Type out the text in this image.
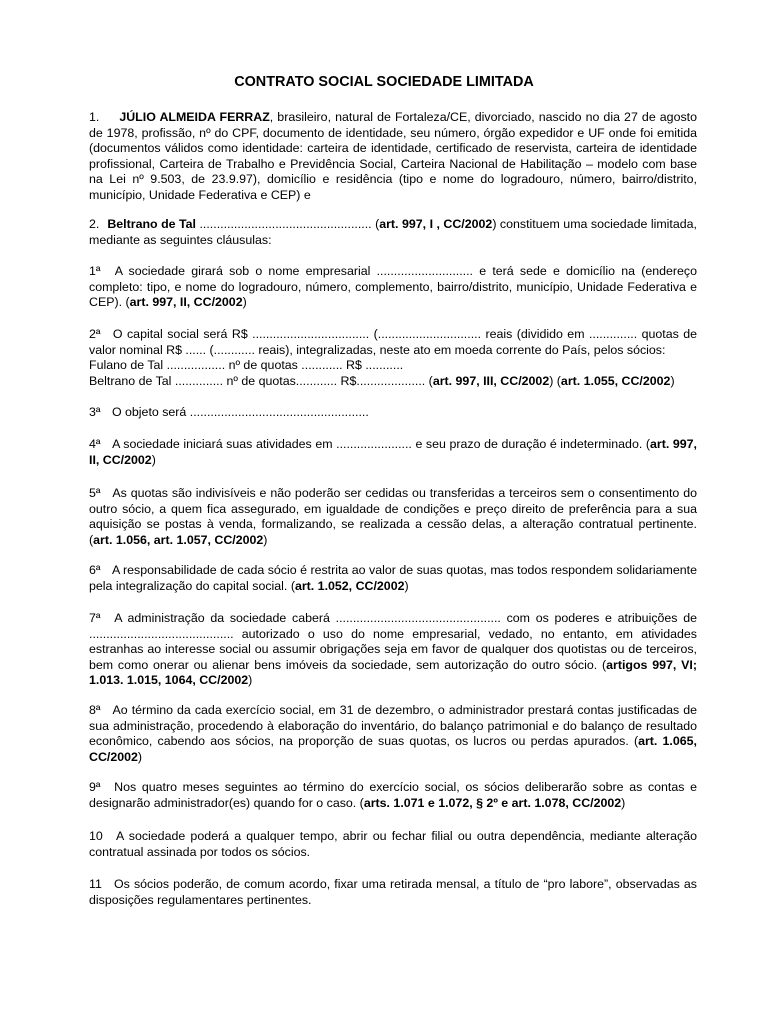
CONTRATO SOCIAL SOCIEDADE LIMITADA

1. JÚLIO ALMEIDA FERRAZ, brasileiro, natural de Fortaleza/CE, divorciado, nascido no dia 27 de agosto de 1978, profissão, nº do CPF, documento de identidade, seu número, órgão expedidor e UF onde foi emitida (documentos válidos como identidade: carteira de identidade, certificado de reservista, carteira de identidade profissional, Carteira de Trabalho e Previdência Social, Carteira Nacional de Habilitação – modelo com base na Lei nº 9.503, de 23.9.97), domicílio e residência (tipo e nome do logradouro, número, bairro/distrito, município, Unidade Federativa e CEP) e

2. Beltrano de Tal .................................................. (art. 997, I , CC/2002) constituem uma sociedade limitada, mediante as seguintes cláusulas:

1ª A sociedade girará sob o nome empresarial ............................ e terá sede e domicílio na (endereço completo: tipo, e nome do logradouro, número, complemento, bairro/distrito, município, Unidade Federativa e CEP). (art. 997, II, CC/2002)

2ª O capital social será R$ .................................. (.............................. reais (dividido em .............. quotas de valor nominal R$ ...... (............ reais), integralizadas, neste ato em moeda corrente do País, pelos sócios:
Fulano de Tal ................. nº de quotas ............ R$ ...........
Beltrano de Tal .............. nº de quotas............ R$.................... (art. 997, III, CC/2002) (art. 1.055, CC/2002)

3ª O objeto será ....................................................

4ª A sociedade iniciará suas atividades em ...................... e seu prazo de duração é indeterminado. (art. 997, II, CC/2002)

5ª As quotas são indivisíveis e não poderão ser cedidas ou transferidas a terceiros sem o consentimento do outro sócio, a quem fica assegurado, em igualdade de condições e preço direito de preferência para a sua aquisição se postas à venda, formalizando, se realizada a cessão delas, a alteração contratual pertinente. (art. 1.056, art. 1.057, CC/2002)

6ª A responsabilidade de cada sócio é restrita ao valor de suas quotas, mas todos respondem solidariamente pela integralização do capital social. (art. 1.052, CC/2002)

7ª A administração da sociedade caberá ................................................ com os poderes e atribuições de .......................................... autorizado o uso do nome empresarial, vedado, no entanto, em atividades estranhas ao interesse social ou assumir obrigações seja em favor de qualquer dos quotistas ou de terceiros, bem como onerar ou alienar bens imóveis da sociedade, sem autorização do outro sócio. (artigos 997, VI; 1.013. 1.015, 1064, CC/2002)

8ª Ao término da cada exercício social, em 31 de dezembro, o administrador prestará contas justificadas de sua administração, procedendo à elaboração do inventário, do balanço patrimonial e do balanço de resultado econômico, cabendo aos sócios, na proporção de suas quotas, os lucros ou perdas apurados. (art. 1.065, CC/2002)

9ª Nos quatro meses seguintes ao término do exercício social, os sócios deliberarão sobre as contas e designarão administrador(es) quando for o caso. (arts. 1.071 e 1.072, § 2º e art. 1.078, CC/2002)

10 A sociedade poderá a qualquer tempo, abrir ou fechar filial ou outra dependência, mediante alteração contratual assinada por todos os sócios.

11 Os sócios poderão, de comum acordo, fixar uma retirada mensal, a título de “pro labore”, observadas as disposições regulamentares pertinentes.
